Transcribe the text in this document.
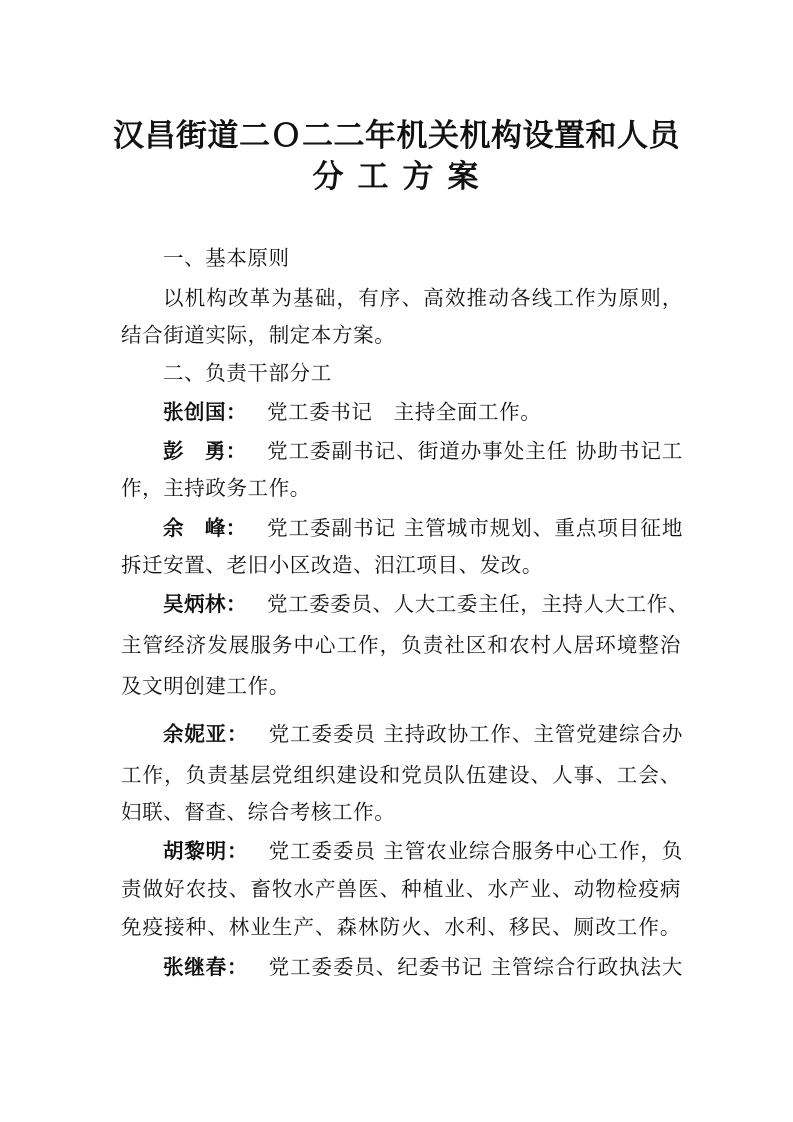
汉昌街道二Ｏ二二年机关机构设置和人员
分工方案
一、基本原则
以机构改革为基础，有序、高效推动各线工作为原则，
结合街道实际，制定本方案。
二、负责干部分工
张创国： 党工委书记　主持全面工作。
彭　勇： 党工委副书记、街道办事处主任 协助书记工
作，主持政务工作。
余　峰： 党工委副书记 主管城市规划、重点项目征地
拆迁安置、老旧小区改造、汨江项目、发改。
吴炳林： 党工委委员、人大工委主任，主持人大工作、
主管经济发展服务中心工作，负责社区和农村人居环境整治
及文明创建工作。
余妮亚： 党工委委员 主持政协工作、主管党建综合办
工作，负责基层党组织建设和党员队伍建设、人事、工会、
妇联、督查、综合考核工作。
胡黎明： 党工委委员 主管农业综合服务中心工作，负
责做好农技、畜牧水产兽医、种植业、水产业、动物检疫病
免疫接种、林业生产、森林防火、水利、移民、厕改工作。
张继春： 党工委委员、纪委书记 主管综合行政执法大
